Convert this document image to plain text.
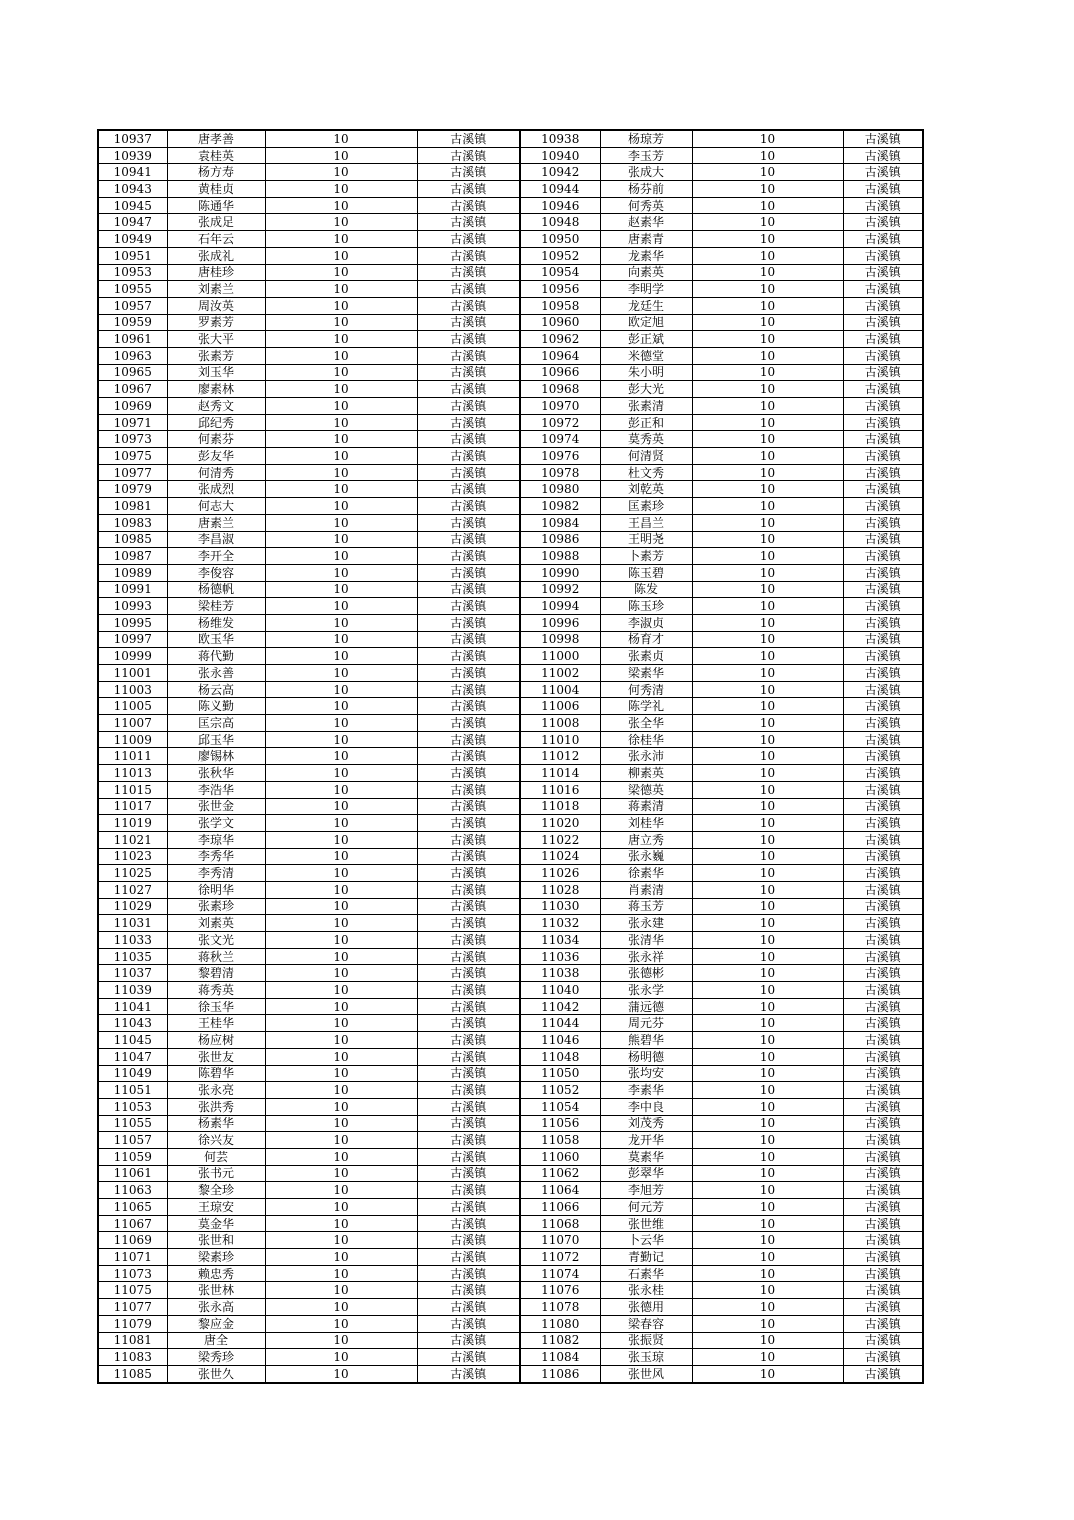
10937	唐孝善	10	古溪镇	10938	杨琼芳	10	古溪镇
10939	袁桂英	10	古溪镇	10940	李玉芳	10	古溪镇
10941	杨方寿	10	古溪镇	10942	张成大	10	古溪镇
10943	黄桂贞	10	古溪镇	10944	杨芬前	10	古溪镇
10945	陈通华	10	古溪镇	10946	何秀英	10	古溪镇
10947	张成足	10	古溪镇	10948	赵素华	10	古溪镇
10949	石年云	10	古溪镇	10950	唐素青	10	古溪镇
10951	张成礼	10	古溪镇	10952	龙素华	10	古溪镇
10953	唐桂珍	10	古溪镇	10954	向素英	10	古溪镇
10955	刘素兰	10	古溪镇	10956	李明学	10	古溪镇
10957	周汝英	10	古溪镇	10958	龙廷生	10	古溪镇
10959	罗素芳	10	古溪镇	10960	欧定旭	10	古溪镇
10961	张大平	10	古溪镇	10962	彭正斌	10	古溪镇
10963	张素芳	10	古溪镇	10964	米德堂	10	古溪镇
10965	刘玉华	10	古溪镇	10966	朱小明	10	古溪镇
10967	廖素林	10	古溪镇	10968	彭大光	10	古溪镇
10969	赵秀文	10	古溪镇	10970	张素清	10	古溪镇
10971	邱纪秀	10	古溪镇	10972	彭正和	10	古溪镇
10973	何素芬	10	古溪镇	10974	莫秀英	10	古溪镇
10975	彭友华	10	古溪镇	10976	何清贤	10	古溪镇
10977	何清秀	10	古溪镇	10978	杜文秀	10	古溪镇
10979	张成烈	10	古溪镇	10980	刘乾英	10	古溪镇
10981	何志大	10	古溪镇	10982	匡素珍	10	古溪镇
10983	唐素兰	10	古溪镇	10984	王昌兰	10	古溪镇
10985	李昌淑	10	古溪镇	10986	王明尧	10	古溪镇
10987	李开全	10	古溪镇	10988	卜素芳	10	古溪镇
10989	李俊容	10	古溪镇	10990	陈玉碧	10	古溪镇
10991	杨德帆	10	古溪镇	10992	陈发	10	古溪镇
10993	梁桂芳	10	古溪镇	10994	陈玉珍	10	古溪镇
10995	杨维发	10	古溪镇	10996	李淑贞	10	古溪镇
10997	欧玉华	10	古溪镇	10998	杨育才	10	古溪镇
10999	蒋代勤	10	古溪镇	11000	张素贞	10	古溪镇
11001	张永善	10	古溪镇	11002	梁素华	10	古溪镇
11003	杨云高	10	古溪镇	11004	何秀清	10	古溪镇
11005	陈义勤	10	古溪镇	11006	陈学礼	10	古溪镇
11007	匡宗高	10	古溪镇	11008	张全华	10	古溪镇
11009	邱玉华	10	古溪镇	11010	徐桂华	10	古溪镇
11011	廖锡林	10	古溪镇	11012	张永沛	10	古溪镇
11013	张秋华	10	古溪镇	11014	柳素英	10	古溪镇
11015	李浩华	10	古溪镇	11016	梁德英	10	古溪镇
11017	张世金	10	古溪镇	11018	蒋素清	10	古溪镇
11019	张学文	10	古溪镇	11020	刘桂华	10	古溪镇
11021	李琼华	10	古溪镇	11022	唐立秀	10	古溪镇
11023	李秀华	10	古溪镇	11024	张永巍	10	古溪镇
11025	李秀清	10	古溪镇	11026	徐素华	10	古溪镇
11027	徐明华	10	古溪镇	11028	肖素清	10	古溪镇
11029	张素珍	10	古溪镇	11030	蒋玉芳	10	古溪镇
11031	刘素英	10	古溪镇	11032	张永建	10	古溪镇
11033	张文光	10	古溪镇	11034	张清华	10	古溪镇
11035	蒋秋兰	10	古溪镇	11036	张永祥	10	古溪镇
11037	黎碧清	10	古溪镇	11038	张德彬	10	古溪镇
11039	蒋秀英	10	古溪镇	11040	张永学	10	古溪镇
11041	徐玉华	10	古溪镇	11042	蒲远德	10	古溪镇
11043	王桂华	10	古溪镇	11044	周元芬	10	古溪镇
11045	杨应树	10	古溪镇	11046	熊碧华	10	古溪镇
11047	张世友	10	古溪镇	11048	杨明德	10	古溪镇
11049	陈碧华	10	古溪镇	11050	张均安	10	古溪镇
11051	张永亮	10	古溪镇	11052	李素华	10	古溪镇
11053	张洪秀	10	古溪镇	11054	李中良	10	古溪镇
11055	杨素华	10	古溪镇	11056	刘茂秀	10	古溪镇
11057	徐兴友	10	古溪镇	11058	龙开华	10	古溪镇
11059	何芸	10	古溪镇	11060	莫素华	10	古溪镇
11061	张书元	10	古溪镇	11062	彭翠华	10	古溪镇
11063	黎全珍	10	古溪镇	11064	李旭芳	10	古溪镇
11065	王琼安	10	古溪镇	11066	何元芳	10	古溪镇
11067	莫金华	10	古溪镇	11068	张世维	10	古溪镇
11069	张世和	10	古溪镇	11070	卜云华	10	古溪镇
11071	梁素珍	10	古溪镇	11072	青勤记	10	古溪镇
11073	赖忠秀	10	古溪镇	11074	石素华	10	古溪镇
11075	张世林	10	古溪镇	11076	张永桂	10	古溪镇
11077	张永高	10	古溪镇	11078	张德用	10	古溪镇
11079	黎应金	10	古溪镇	11080	梁春容	10	古溪镇
11081	唐全	10	古溪镇	11082	张振贤	10	古溪镇
11083	梁秀珍	10	古溪镇	11084	张玉琼	10	古溪镇
11085	张世久	10	古溪镇	11086	张世风	10	古溪镇
